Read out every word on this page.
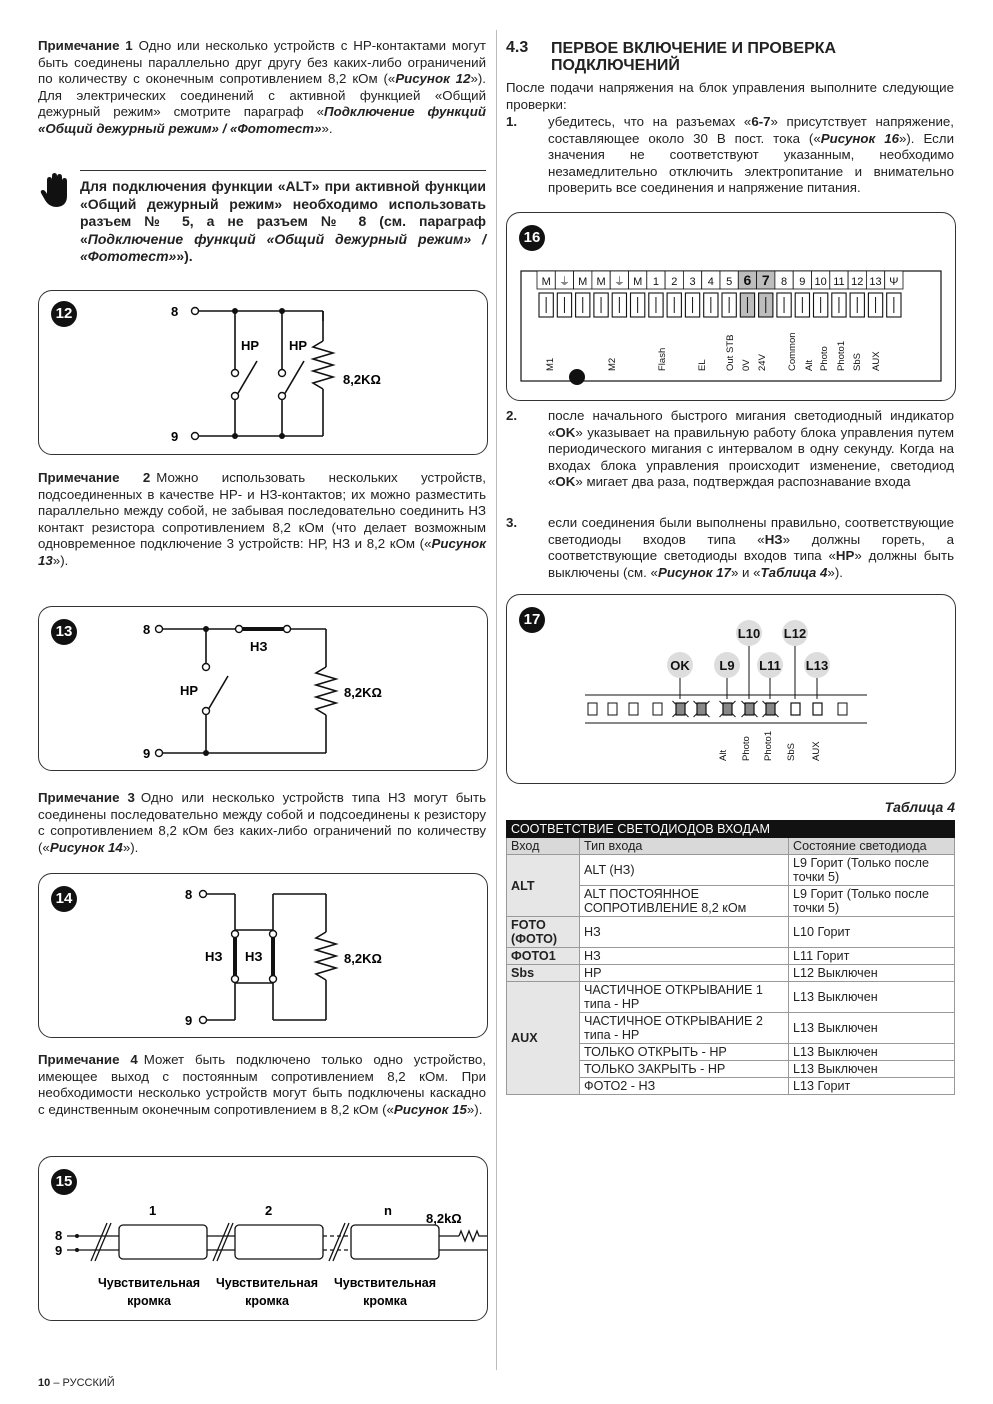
Примечание 1 Одно или несколько устройств с НР-контактами могут быть соединены параллельно друг другу без каких-либо ограничений по количеству с оконечным сопротивлением 8,2 кОм («Рисунок 12»). Для электрических соединений с активной функцией «Общий дежурный режим» смотрите параграф «Подключение функций «Общий дежурный режим» / «Фототест»».

Для подключения функции «ALT» при активной функции «Общий дежурный режим» необходимо использовать разъем № 5, а не разъем № 8 (см. параграф «Подключение функций «Общий дежурный режим» / «Фототест»»).
12	8
9
НР НР
8,2KΩ

Примечание 2 Можно использовать нескольких устройств, подсоединенных в качестве НР- и НЗ-контактов; их можно разместить параллельно между собой, не забывая последовательно соединить НЗ контакт резистора сопротивлением 8,2 кОм (что делает возможным одновременное подключение 3 устройств: НР, НЗ и 8,2 кОм («Рисунок 13»).

13	8
9
НЗ
НР	8,2KΩ

Примечание 3 Одно или несколько устройств типа НЗ могут быть соединены последовательно между собой и подсоединены к резистору с сопротивлением 8,2 кОм без каких-либо ограничений по количеству («Рисунок 14»).

14	8
9
НЗ НЗ	8,2KΩ

Примечание 4 Может быть подключено только одно устройство, имеющее выход с постоянным сопротивлением 8,2 кОм. При необходимости несколько устройств могут быть подключены каскадно с единственным оконечным сопротивлением в 8,2 кОм («Рисунок 15»).

15
8
9
1	2	n
8,2kΩ
Чувствительная
кромка
Чувствительная
кромка
Чувствительная
кромка
4.3 ПЕРВОЕ ВКЛЮЧЕНИЕ И ПРОВЕРКА ПОДКЛЮЧЕНИЙ
После подачи напряжения на блок управления выполните следующие проверки:
1. убедитесь, что на разъемах «6-7» присутствует напряжение, составляющее около 30 В пост. тока («Рисунок 16»). Если значения не соответствуют указанным, необходимо незамедлительно отключить электропитание и внимательно проверить все соединения и напряжение питания.
16
M ⏚ M M ⏚ M 1 2 3 4 5 6 7 8 9 10 11 12 13 Ψ
M1	M2	Flash	EL Out STB 0V 24V Common Alt Photo Photo1 SbS AUX
2. после начального быстрого мигания светодиодный индикатор «OK» указывает на правильную работу блока управления путем периодического мигания с интервалом в одну секунду. Когда на входах блока управления происходит изменение, светодиод «OK» мигает два раза, подтверждая распознавание входа
3. если соединения были выполнены правильно, соответствующие светодиоды входов типа «НЗ» должны гореть, а соответствующие светодиоды входов типа «НР» должны быть выключены (см. «Рисунок 17» и «Таблица 4»).
17
OK L9
L10
L11
L12
L13
Alt Photo Photo1 SbS AUX
Таблица 4
СООТВЕТСТВИЕ СВЕТОДИОДОВ ВХОДАМ		
Вход	Тип входа	Состояние светодиода
ALT	ALT (НЗ)	L9 Горит (Только после точки 5)
	ALT ПОСТОЯННОЕ СОПРОТИВЛЕНИЕ 8,2 кОм	L9 Горит (Только после точки 5)
FOTO (ФОТО)	НЗ	L10 Горит
ФОТО1	НЗ	L11 Горит
Sbs	НР	L12 Выключен
AUX	ЧАСТИЧНОЕ ОТКРЫВАНИЕ 1 типа - НР	L13 Выключен
	ЧАСТИЧНОЕ ОТКРЫВАНИЕ 2 типа - НР	L13 Выключен
	ТОЛЬКО ОТКРЫТЬ - НР	L13 Выключен
	ТОЛЬКО ЗАКРЫТЬ - НР	L13 Выключен
	ФОТО2 - НЗ	L13 Горит
10 – РУССКИЙ
